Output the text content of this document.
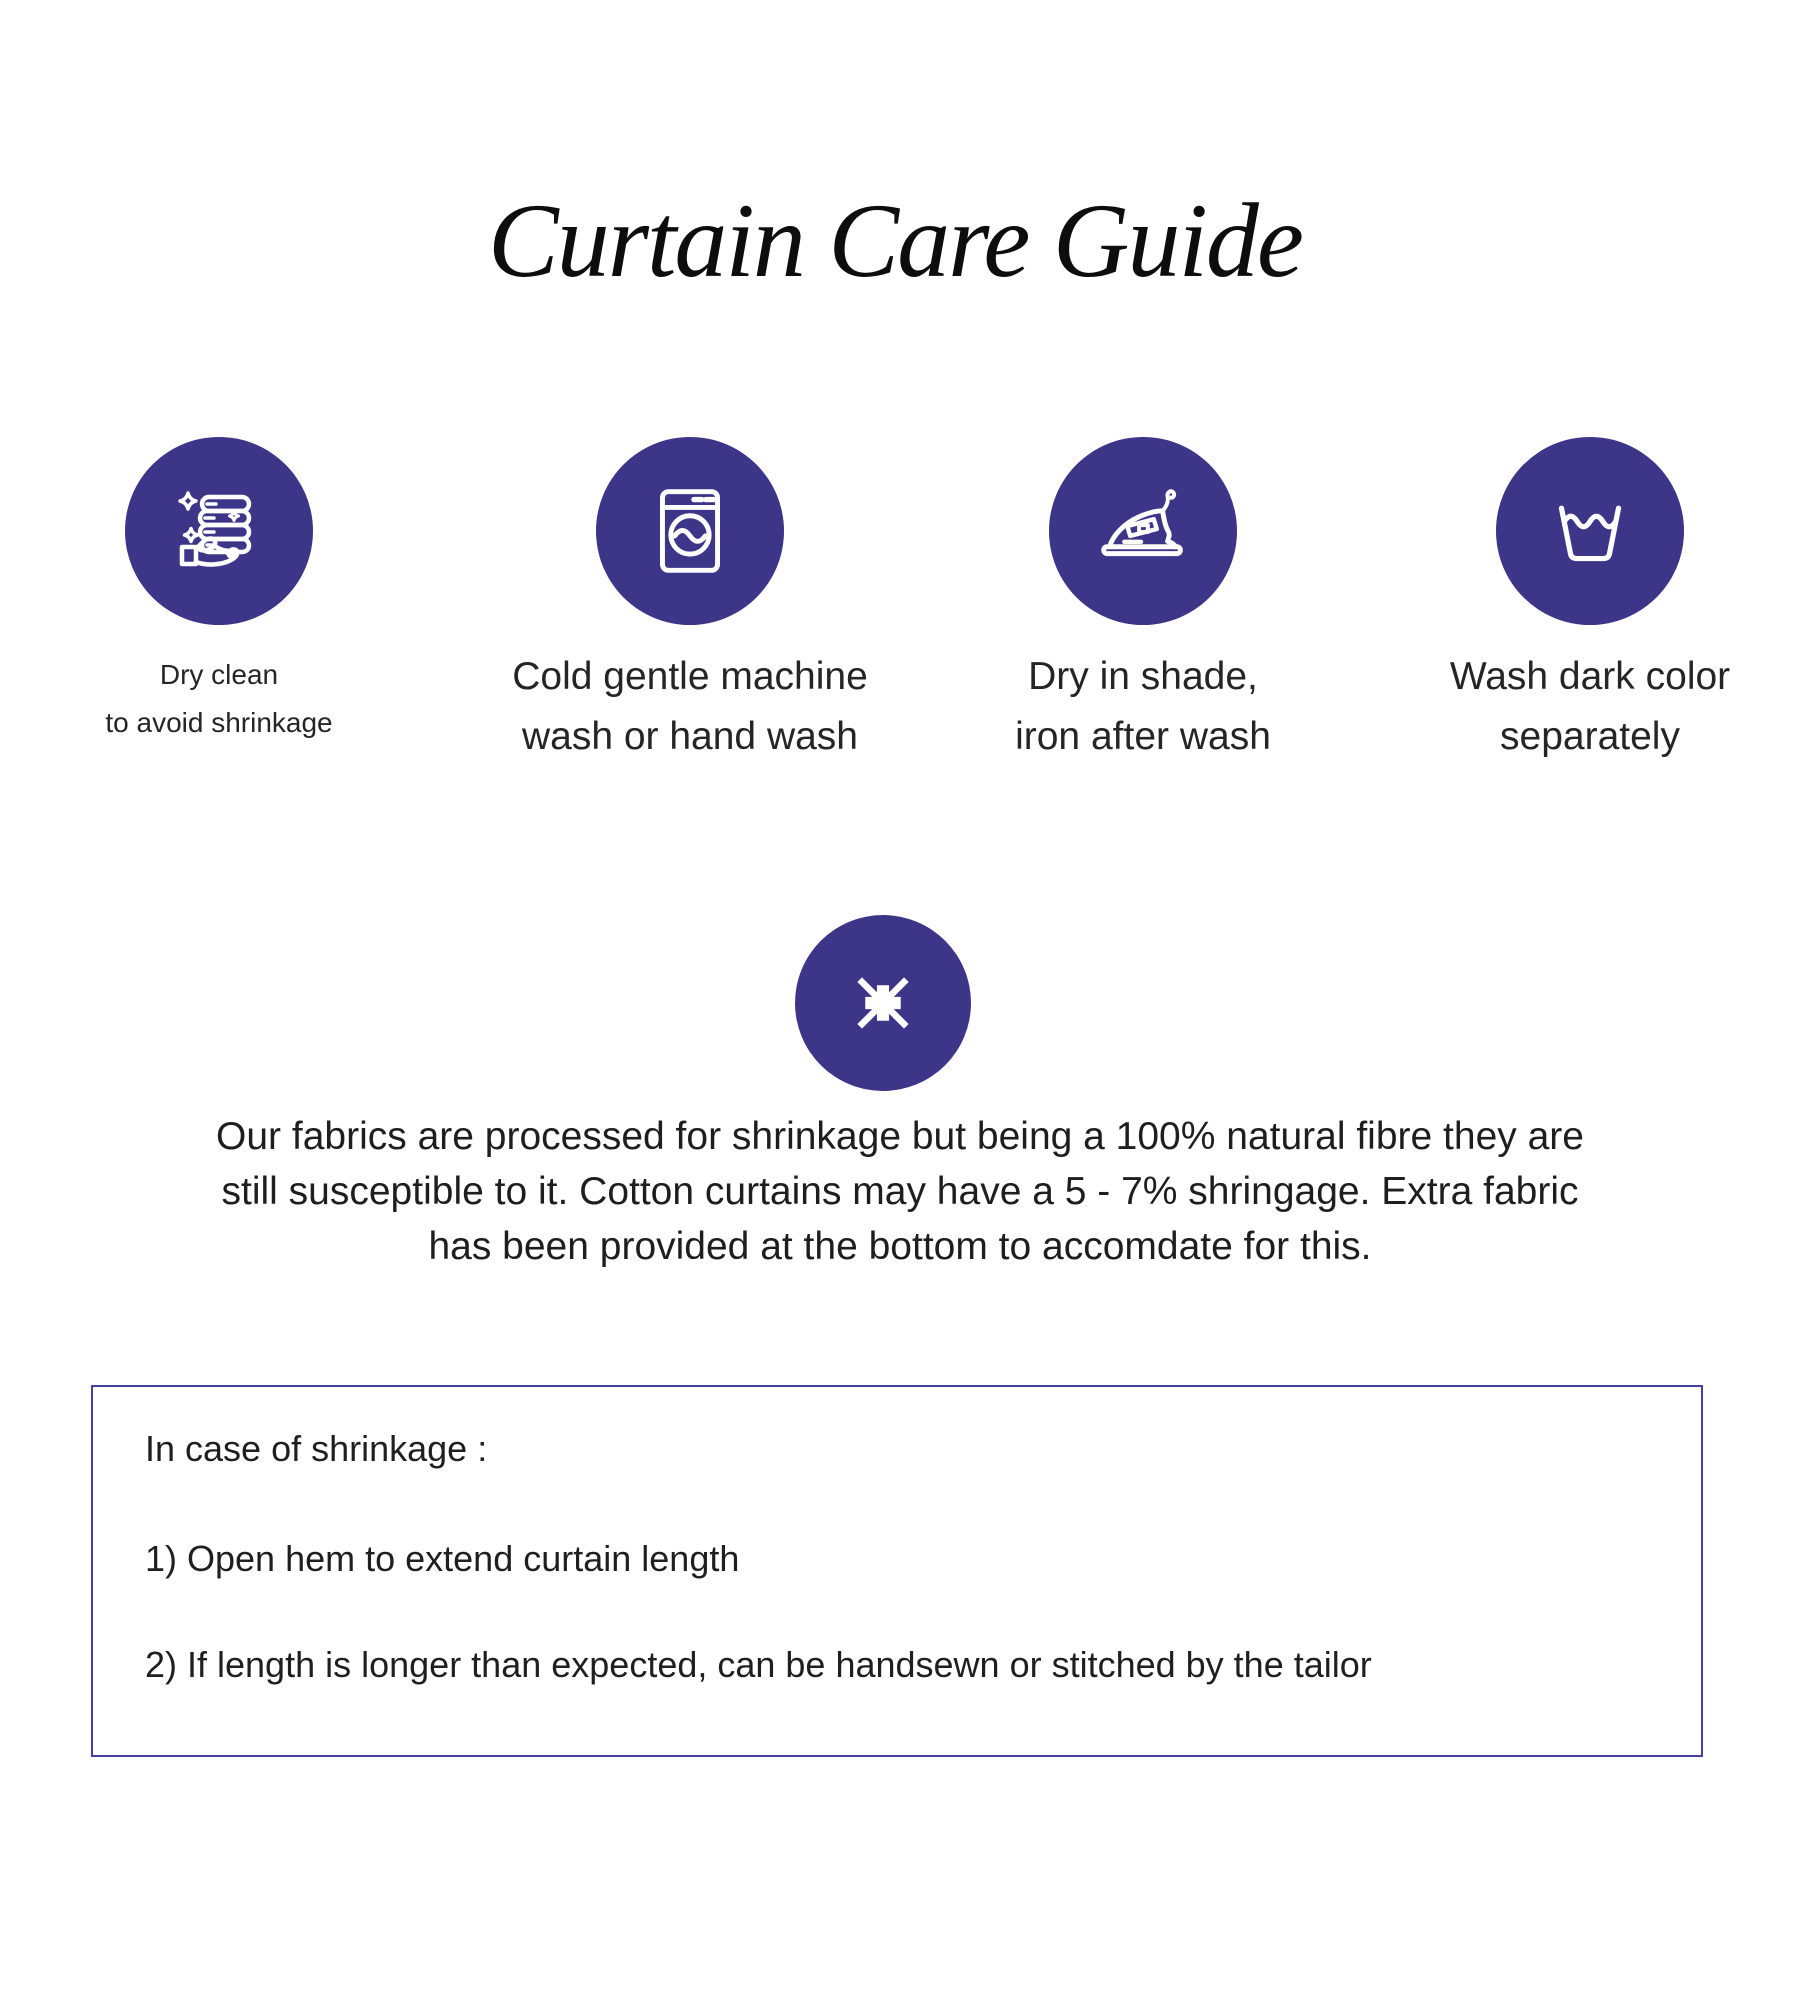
Curtain Care Guide
Dry clean
to avoid shrinkage
Cold gentle machine
wash or hand wash
Dry in shade,
iron after wash
Wash dark color
separately
Our fabrics are processed for shrinkage but being a 100% natural fibre they are
still susceptible to it. Cotton curtains may have a 5 - 7% shringage. Extra fabric
has been provided at the bottom to accomdate for this.
In case of shrinkage :
1) Open hem to extend curtain length
2) If length is longer than expected, can be handsewn or stitched by the tailor
